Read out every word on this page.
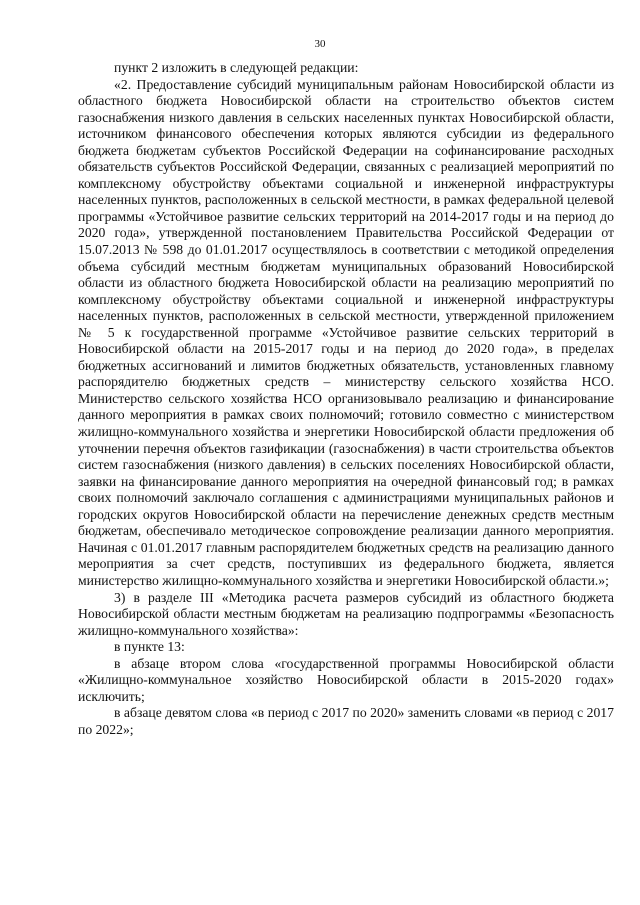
30

пункт 2 изложить в следующей редакции:

«2. Предоставление субсидий муниципальным районам Новосибирской области из областного бюджета Новосибирской области на строительство объектов систем газоснабжения низкого давления в сельских населенных пунктах Новосибирской области, источником финансового обеспечения которых являются субсидии из федерального бюджета бюджетам субъектов Российской Федерации на софинансирование расходных обязательств субъектов Российской Федерации, связанных с реализацией мероприятий по комплексному обустройству объектами социальной и инженерной инфраструктуры населенных пунктов, расположенных в сельской местности, в рамках федеральной целевой программы «Устойчивое развитие сельских территорий на 2014-2017 годы и на период до 2020 года», утвержденной постановлением Правительства Российской Федерации от 15.07.2013 № 598 до 01.01.2017 осуществлялось в соответствии с методикой определения объема субсидий местным бюджетам муниципальных образований Новосибирской области из областного бюджета Новосибирской области на реализацию мероприятий по комплексному обустройству объектами социальной и инженерной инфраструктуры населенных пунктов, расположенных в сельской местности, утвержденной приложением № 5 к государственной программе «Устойчивое развитие сельских территорий в Новосибирской области на 2015-2017 годы и на период до 2020 года», в пределах бюджетных ассигнований и лимитов бюджетных обязательств, установленных главному распорядителю бюджетных средств – министерству сельского хозяйства НСО. Министерство сельского хозяйства НСО организовывало реализацию и финансирование данного мероприятия в рамках своих полномочий; готовило совместно с министерством жилищно-коммунального хозяйства и энергетики Новосибирской области предложения об уточнении перечня объектов газификации (газоснабжения) в части строительства объектов систем газоснабжения (низкого давления) в сельских поселениях Новосибирской области, заявки на финансирование данного мероприятия на очередной финансовый год; в рамках своих полномочий заключало соглашения с администрациями муниципальных районов и городских округов Новосибирской области на перечисление денежных средств местным бюджетам, обеспечивало методическое сопровождение реализации данного мероприятия. Начиная с 01.01.2017 главным распорядителем бюджетных средств на реализацию данного мероприятия за счет средств, поступивших из федерального бюджета, является министерство жилищно-коммунального хозяйства и энергетики Новосибирской области.»;

3) в разделе III «Методика расчета размеров субсидий из областного бюджета Новосибирской области местным бюджетам на реализацию подпрограммы «Безопасность жилищно-коммунального хозяйства»:

в пункте 13:

в абзаце втором слова «государственной программы Новосибирской области «Жилищно-коммунальное хозяйство Новосибирской области в 2015-2020 годах» исключить;

в абзаце девятом слова «в период с 2017 по 2020» заменить словами «в период с 2017 по 2022»;
